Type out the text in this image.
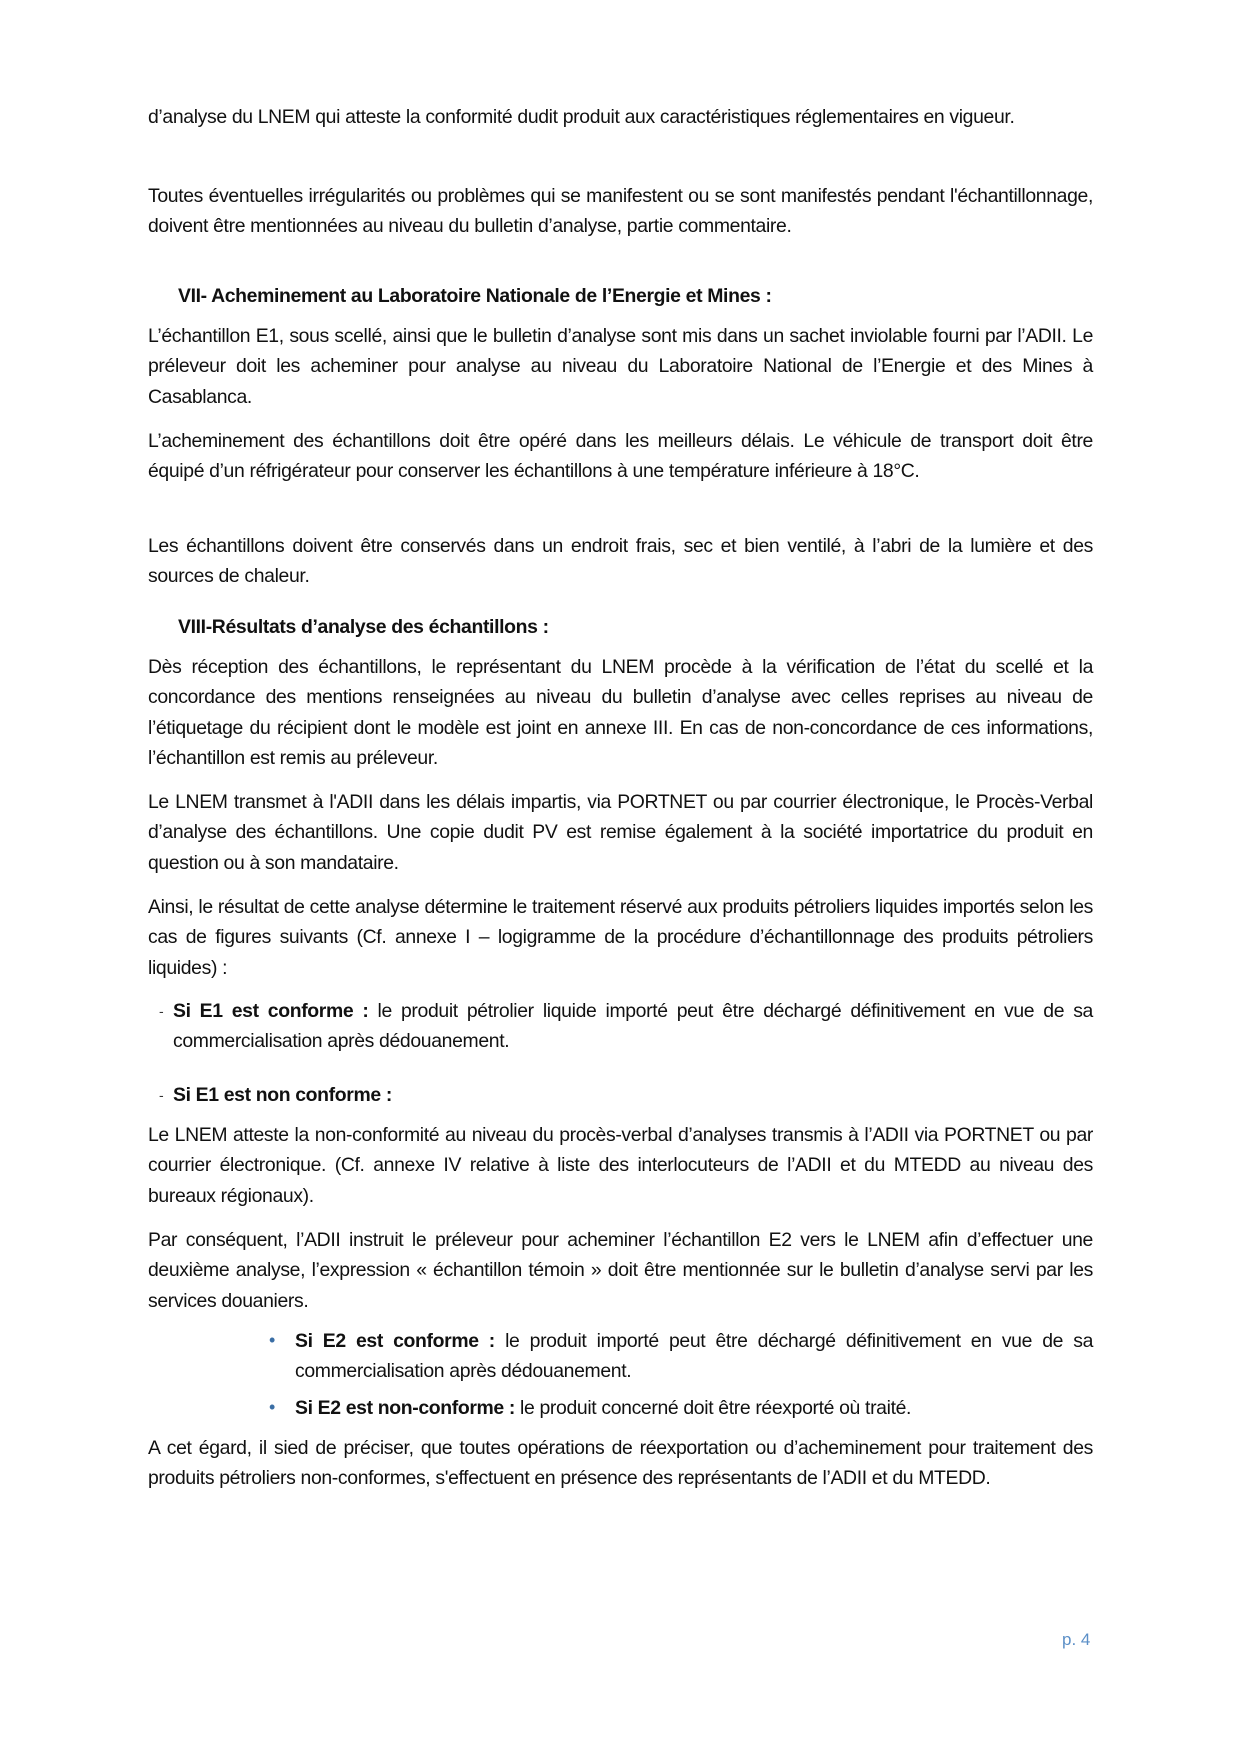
d’analyse du LNEM qui atteste la conformité dudit produit aux caractéristiques réglementaires en vigueur.

Toutes éventuelles irrégularités ou problèmes qui se manifestent ou se sont manifestés pendant l'échantillonnage, doivent être mentionnées au niveau du bulletin d’analyse, partie commentaire.

VII- Acheminement au Laboratoire Nationale de l’Energie et Mines :

L’échantillon E1, sous scellé, ainsi que le bulletin d’analyse sont mis dans un sachet inviolable fourni par l’ADII. Le préleveur doit les acheminer pour analyse au niveau du Laboratoire National de l’Energie et des Mines à Casablanca.

L’acheminement des échantillons doit être opéré dans les meilleurs délais. Le véhicule de transport doit être équipé d’un réfrigérateur pour conserver les échantillons à une température inférieure à 18°C.

Les échantillons doivent être conservés dans un endroit frais, sec et bien ventilé, à l’abri de la lumière et des sources de chaleur.

VIII-Résultats d’analyse des échantillons :

Dès réception des échantillons, le représentant du LNEM procède à la vérification de l’état du scellé et la concordance des mentions renseignées au niveau du bulletin d’analyse avec celles reprises au niveau de l’étiquetage du récipient dont le modèle est joint en annexe III. En cas de non-concordance de ces informations, l’échantillon est remis au préleveur.

Le LNEM transmet à l'ADII dans les délais impartis, via PORTNET ou par courrier électronique, le Procès-Verbal d’analyse des échantillons. Une copie dudit PV est remise également à la société importatrice du produit en question ou à son mandataire.

Ainsi, le résultat de cette analyse détermine le traitement réservé aux produits pétroliers liquides importés selon les cas de figures suivants (Cf. annexe I – logigramme de la procédure d’échantillonnage des produits pétroliers liquides) :

- Si E1 est conforme : le produit pétrolier liquide importé peut être déchargé définitivement en vue de sa commercialisation après dédouanement.
- Si E1 est non conforme :

Le LNEM atteste la non-conformité au niveau du procès-verbal d’analyses transmis à l’ADII via PORTNET ou par courrier électronique. (Cf. annexe IV relative à liste des interlocuteurs de l’ADII et du MTEDD au niveau des bureaux régionaux).

Par conséquent, l’ADII instruit le préleveur pour acheminer l’échantillon E2 vers le LNEM afin d’effectuer une deuxième analyse, l’expression « échantillon témoin » doit être mentionnée sur le bulletin d’analyse servi par les services douaniers.

• Si E2 est conforme : le produit importé peut être déchargé définitivement en vue de sa commercialisation après dédouanement.
• Si E2 est non-conforme : le produit concerné doit être réexporté où traité.

A cet égard, il sied de préciser, que toutes opérations de réexportation ou d’acheminement pour traitement des produits pétroliers non-conformes, s'effectuent en présence des représentants de l’ADII et du MTEDD.

p. 4
